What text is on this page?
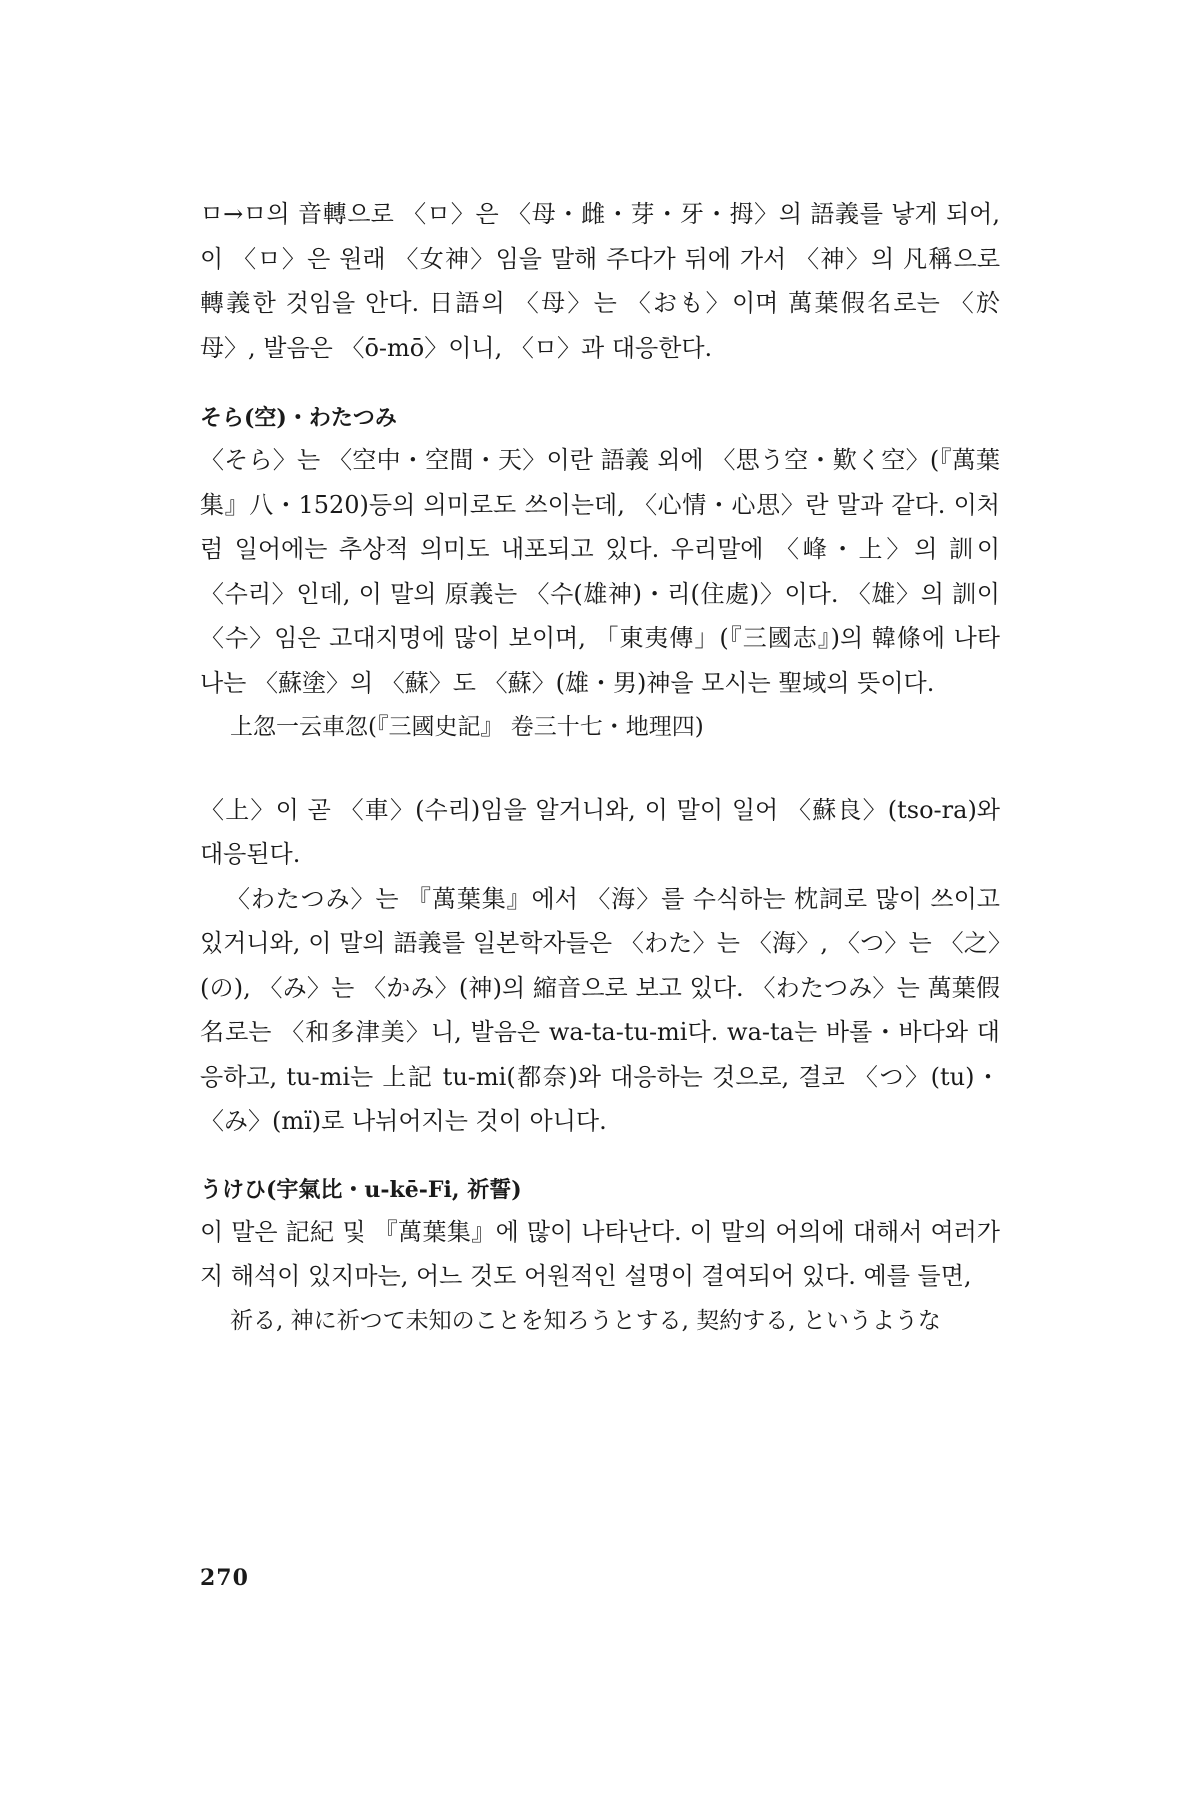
ㅁ→ㅁ의 音轉으로 〈ㅁ〉은 〈母・雌・芽・牙・拇〉의 語義를 낳게 되어, 이 〈ㅁ〉은 원래 〈女神〉임을 말해 주다가 뒤에 가서 〈神〉의 凡稱으로 轉義한 것임을 안다. 日語의 〈母〉는 〈おも〉이며 萬葉假名로는 〈於母〉, 발음은 〈ō-mō〉이니, 〈ㅁ〉과 대응한다.

そら(空)・わたつみ

〈そら〉는 〈空中・空間・天〉이란 語義 외에 〈思う空・歎く空〉(『萬葉集』八・1520)등의 의미로도 쓰이는데, 〈心情・心思〉란 말과 같다. 이처럼 일어에는 추상적 의미도 내포되고 있다. 우리말에 〈峰・上〉의 訓이 〈수리〉인데, 이 말의 原義는 〈수(雄神)・리(住處)〉이다. 〈雄〉의 訓이 〈수〉임은 고대지명에 많이 보이며, 「東夷傳」(『三國志』)의 韓條에 나타나는 〈蘇塗〉의 〈蘇〉도 〈蘇〉(雄・男)神을 모시는 聖域의 뜻이다.

上忽一云車忽(『三國史記』 卷三十七・地理四)

〈上〉이 곧 〈車〉(수리)임을 알거니와, 이 말이 일어 〈蘇良〉(tso-ra)와 대응된다.

〈わたつみ〉는 『萬葉集』에서 〈海〉를 수식하는 枕詞로 많이 쓰이고 있거니와, 이 말의 語義를 일본학자들은 〈わた〉는 〈海〉, 〈つ〉는 〈之〉(の), 〈み〉는 〈かみ〉(神)의 縮音으로 보고 있다. 〈わたつみ〉는 萬葉假名로는 〈和多津美〉니, 발음은 wa-ta-tu-mi다. wa-ta는 바롤・바다와 대응하고, tu-mi는 上記 tu-mi(都奈)와 대응하는 것으로, 결코 〈つ〉(tu)・〈み〉(mï)로 나뉘어지는 것이 아니다.

うけひ(宇氣比・u-kē-Fi, 祈誓)

이 말은 記紀 및 『萬葉集』에 많이 나타난다. 이 말의 어의에 대해서 여러가지 해석이 있지마는, 어느 것도 어원적인 설명이 결여되어 있다. 예를 들면,

祈る, 神に祈つて未知のことを知ろうとする, 契約する, というような

270
